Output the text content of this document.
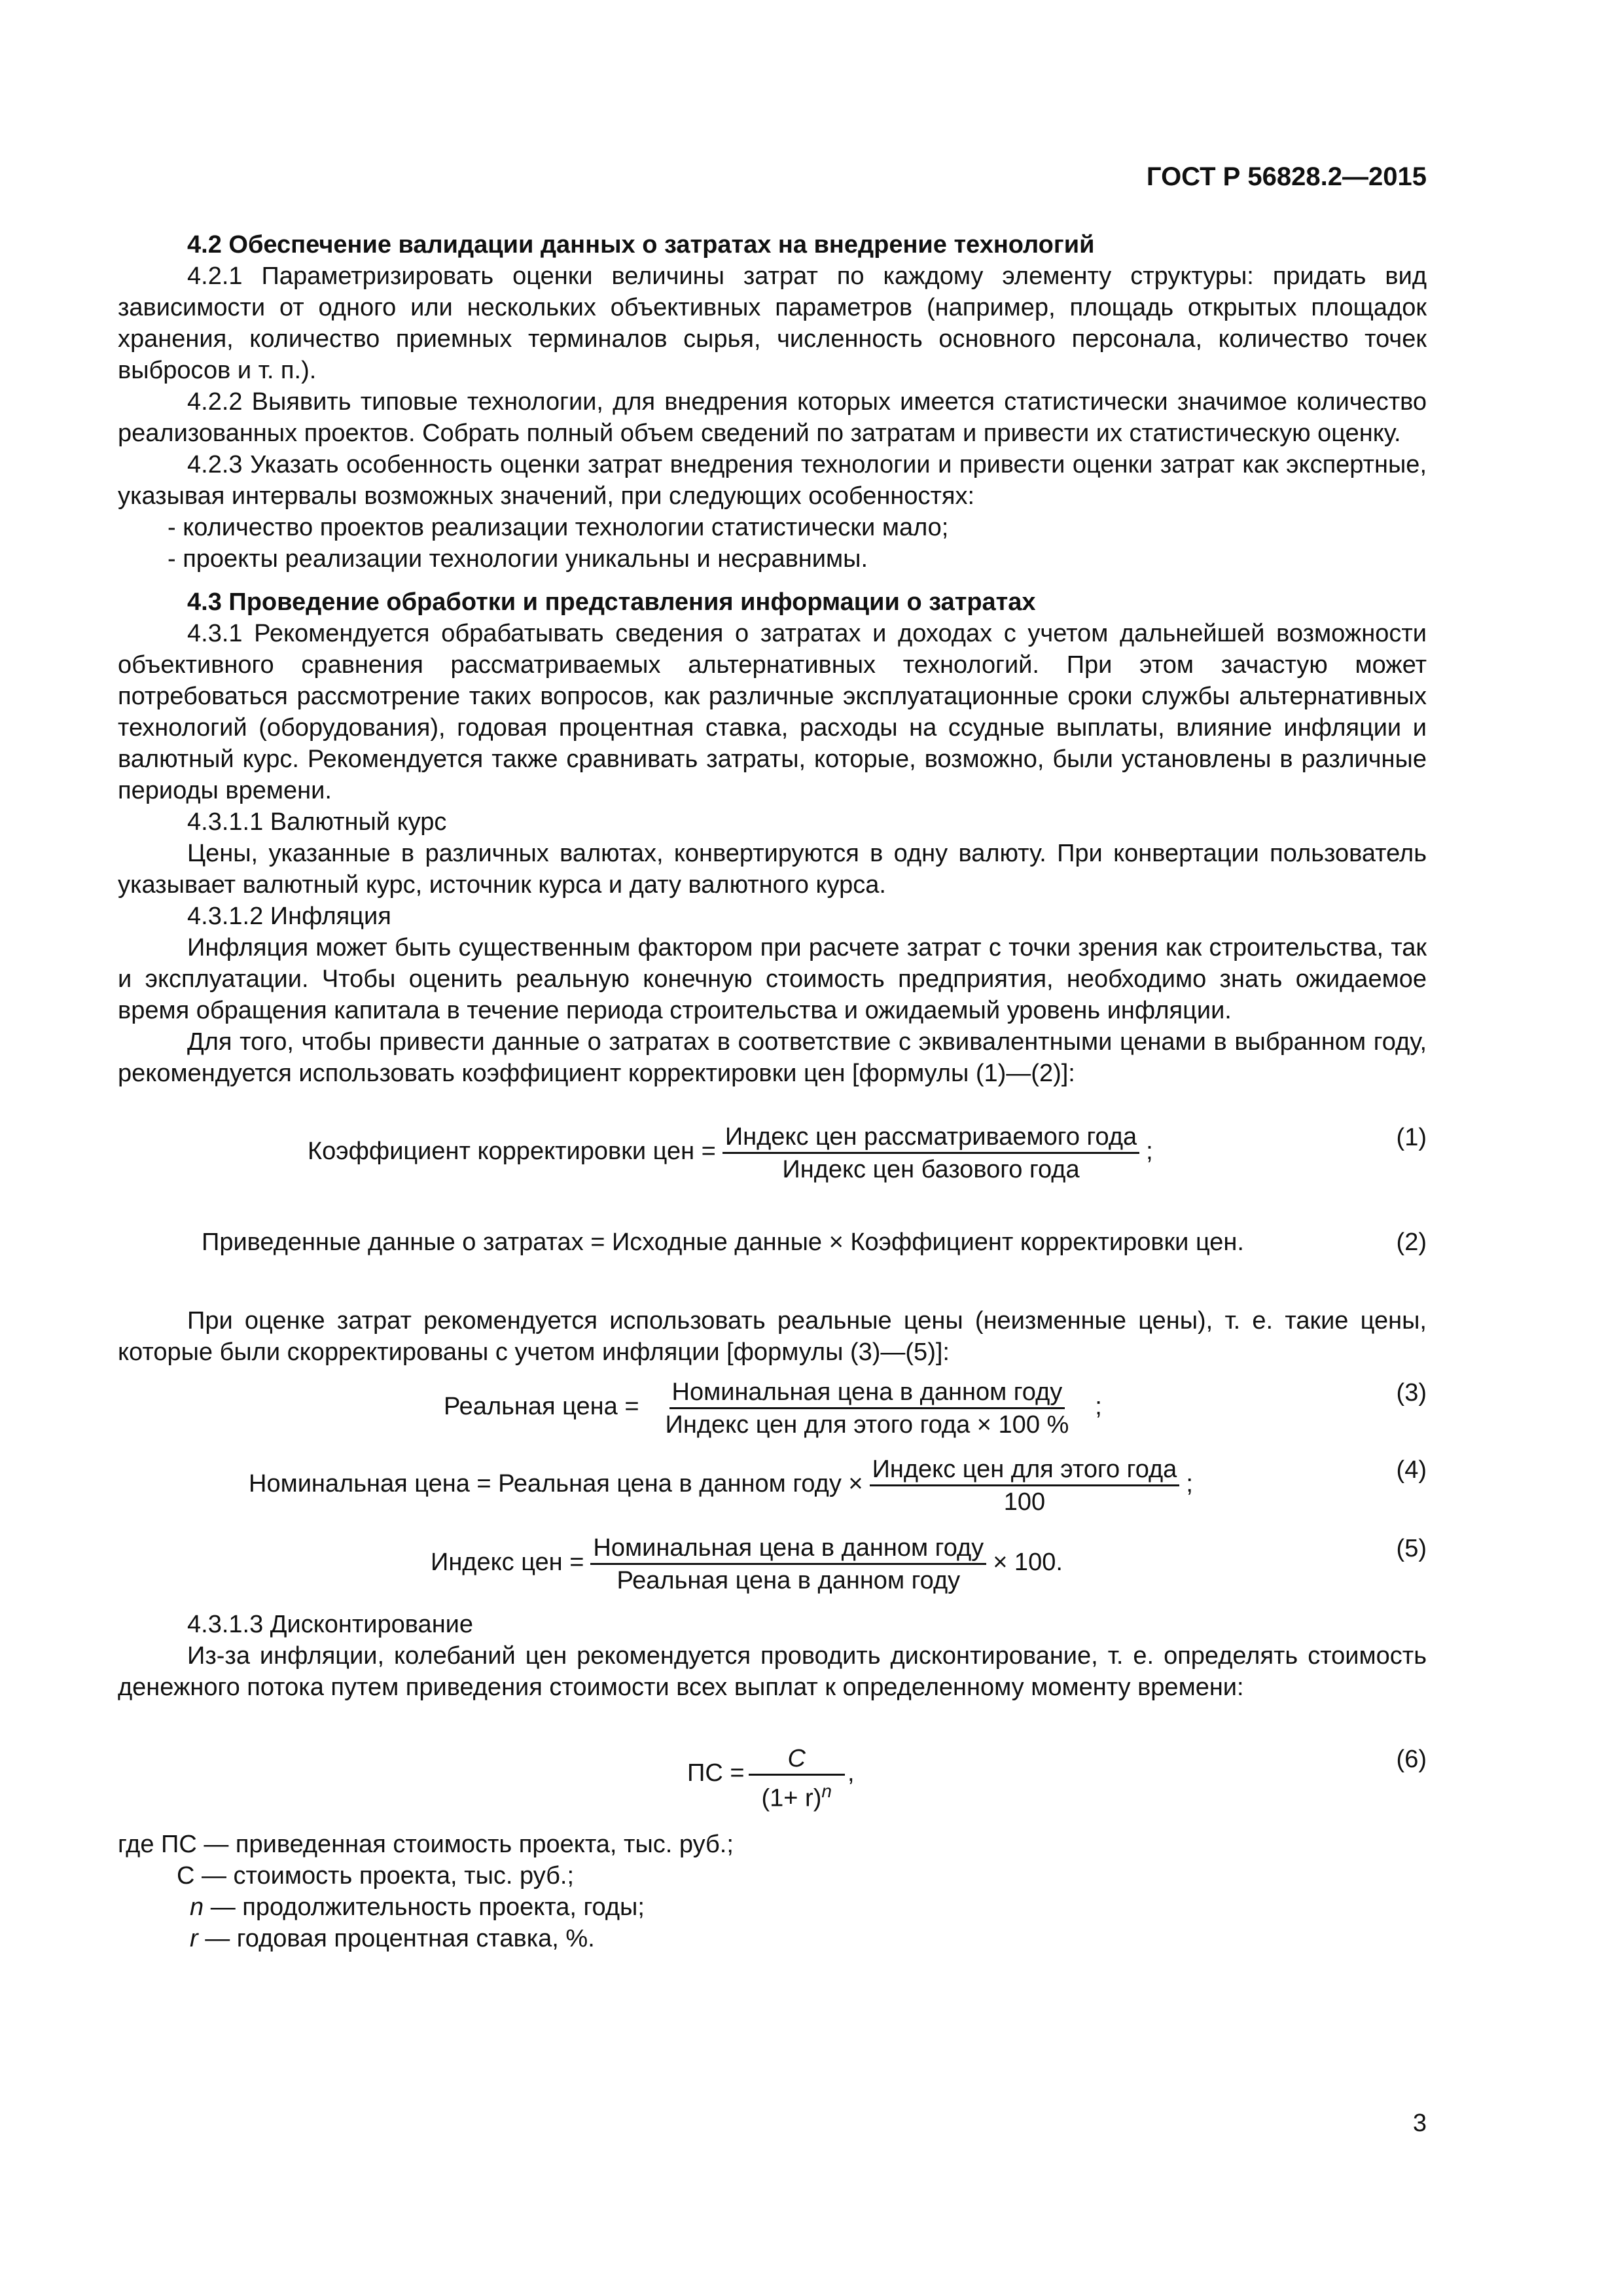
ГОСТ Р 56828.2—2015
4.2 Обеспечение валидации данных о затратах на внедрение технологий

4.2.1 Параметризировать оценки величины затрат по каждому элементу структуры: придать вид зависимости от одного или нескольких объективных параметров (например, площадь открытых площадок хранения, количество приемных терминалов сырья, численность основного персонала, количество точек выбросов и т. п.).

4.2.2 Выявить типовые технологии, для внедрения которых имеется статистически значимое количество реализованных проектов. Собрать полный объем сведений по затратам и привести их статистическую оценку.

4.2.3 Указать особенность оценки затрат внедрения технологии и привести оценки затрат как экспертные, указывая интервалы возможных значений, при следующих особенностях:

- количество проектов реализации технологии статистически мало;

- проекты реализации технологии уникальны и несравнимы.

4.3 Проведение обработки и представления информации о затратах

4.3.1 Рекомендуется обрабатывать сведения о затратах и доходах с учетом дальнейшей возможности объективного сравнения рассматриваемых альтернативных технологий. При этом зачастую может потребоваться рассмотрение таких вопросов, как различные эксплуатационные сроки службы альтернативных технологий (оборудования), годовая процентная ставка, расходы на ссудные выплаты, влияние инфляции и валютный курс. Рекомендуется также сравнивать затраты, которые, возможно, были установлены в различные периоды времени.

4.3.1.1 Валютный курс

Цены, указанные в различных валютах, конвертируются в одну валюту. При конвертации пользователь указывает валютный курс, источник курса и дату валютного курса.

4.3.1.2 Инфляция

Инфляция может быть существенным фактором при расчете затрат с точки зрения как строительства, так и эксплуатации. Чтобы оценить реальную конечную стоимость предприятия, необходимо знать ожидаемое время обращения капитала в течение периода строительства и ожидаемый уровень инфляции.

Для того, чтобы привести данные о затратах в соответствие с эквивалентными ценами в выбранном году, рекомендуется использовать коэффициент корректировки цен [формулы (1)—(2)]:

Коэффициент корректировки цен = $\frac{\text{Индекс цен рассматриваемого года}}{\text{Индекс цен базового года}}$ ;	(1)
Приведенные данные о затратах = Исходные данные × Коэффициент корректировки цен.	(2)

При оценке затрат рекомендуется использовать реальные цены (неизменные цены), т. е. такие цены, которые были скорректированы с учетом инфляции [формулы (3)—(5)]:

Реальная цена = $\frac{\text{Номинальная цена в данном году}}{\text{Индекс цен для этого года × 100 \%}}$ ;	(3)
Номинальная цена = Реальная цена в данном году × $\frac{\text{Индекс цен для этого года}}{100}$ ;	(4)
Индекс цен = $\frac{\text{Номинальная цена в данном году}}{\text{Реальная цена в данном году}} \times 100$.	(5)

4.3.1.3 Дисконтирование

Из-за инфляции, колебаний цен рекомендуется проводить дисконтирование, т. е. определять стоимость денежного потока путем приведения стоимости всех выплат к определенному моменту времени:

ПС = $\frac{C}{(1+ r)^n}$ ,	(6)

где ПС — приведенная стоимость проекта, тыс. руб.;

С — стоимость проекта, тыс. руб.;

n — продолжительность проекта, годы;

r — годовая процентная ставка, %.

3
